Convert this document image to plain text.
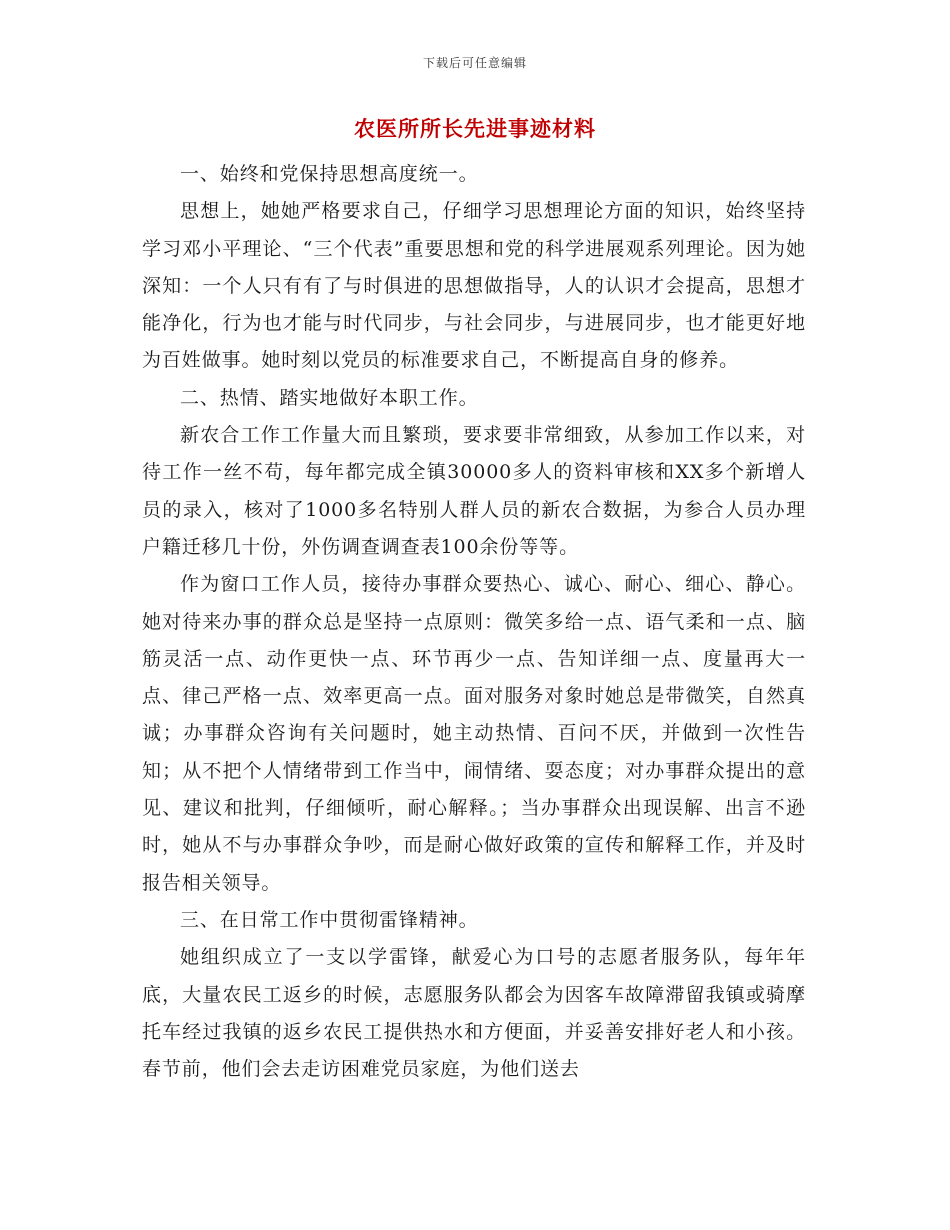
下载后可任意编辑
农医所所长先进事迹材料

一、始终和党保持思想高度统一。

思想上，她她严格要求自己，仔细学习思想理论方面的知识，始终坚持学习邓小平理论、“三个代表”重要思想和党的科学进展观系列理论。因为她深知：一个人只有有了与时俱进的思想做指导，人的认识才会提高，思想才能净化，行为也才能与时代同步，与社会同步，与进展同步，也才能更好地为百姓做事。她时刻以党员的标准要求自己，不断提高自身的修养。

二、热情、踏实地做好本职工作。

新农合工作工作量大而且繁琐，要求要非常细致，从参加工作以来，对待工作一丝不苟，每年都完成全镇30000多人的资料审核和XX多个新增人员的录入，核对了1000多名特别人群人员的新农合数据，为参合人员办理户籍迁移几十份，外伤调查调查表100余份等等。

作为窗口工作人员，接待办事群众要热心、诚心、耐心、细心、静心。她对待来办事的群众总是坚持一点原则：微笑多给一点、语气柔和一点、脑筋灵活一点、动作更快一点、环节再少一点、告知详细一点、度量再大一点、律己严格一点、效率更高一点。面对服务对象时她总是带微笑，自然真诚；办事群众咨询有关问题时，她主动热情、百问不厌，并做到一次性告知；从不把个人情绪带到工作当中，闹情绪、耍态度；对办事群众提出的意见、建议和批判，仔细倾听，耐心解释。；当办事群众出现误解、出言不逊时，她从不与办事群众争吵，而是耐心做好政策的宣传和解释工作，并及时报告相关领导。

三、在日常工作中贯彻雷锋精神。

她组织成立了一支以学雷锋，献爱心为口号的志愿者服务队，每年年底，大量农民工返乡的时候，志愿服务队都会为因客车故障滞留我镇或骑摩托车经过我镇的返乡农民工提供热水和方便面，并妥善安排好老人和小孩。春节前，他们会去走访困难党员家庭，为他们送去
